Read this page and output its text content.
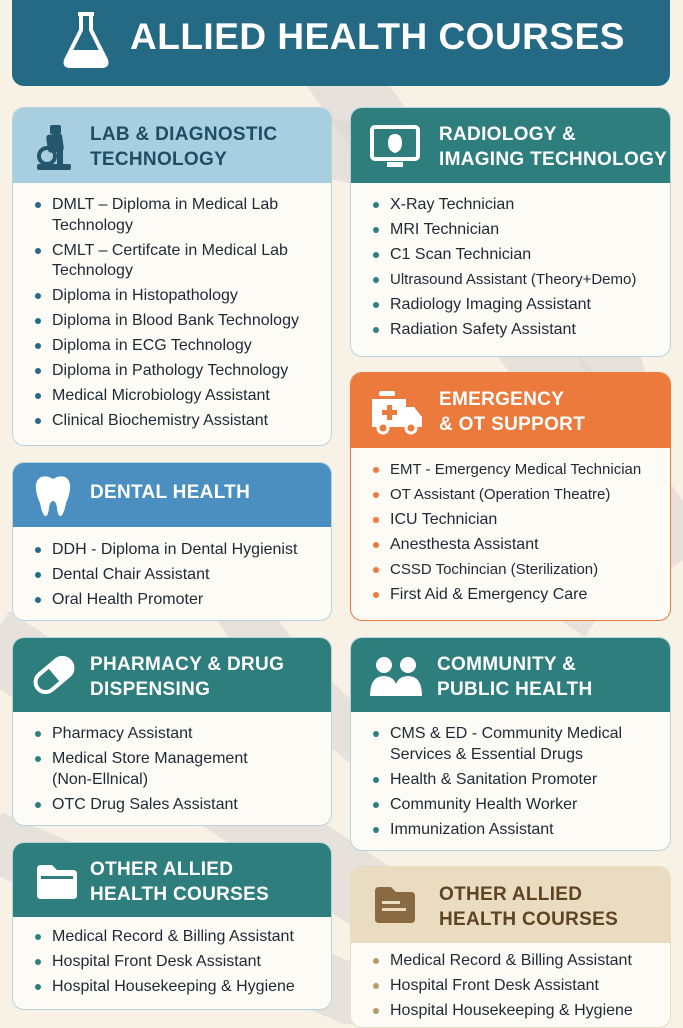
ALLIED HEALTH COURSES
LAB & DIAGNOSTIC
TECHNOLOGY
DMLT – Diploma in Medical Lab Technology
CMLT – Certifcate in Medical Lab Technology
Diploma in Histopathology
Diploma in Blood Bank Technology
Diploma in ECG Technology
Diploma in Pathology Technology
Medical Microbiology Assistant
Clinical Biochemistry Assistant
RADIOLOGY &
IMAGING TECHNOLOGY
X-Ray Technician
MRI Technician
C1 Scan Technician
Ultrasound Assistant (Theory+Demo)
Radiology Imaging Assistant
Radiation Safety Assistant
DENTAL HEALTH
DDH - Diploma in Dental Hygienist
Dental Chair Assistant
Oral Health Promoter
EMERGENCY
& OT SUPPORT
EMT - Emergency Medical Technician
OT Assistant (Operation Theatre)
ICU Technician
Anesthesta Assistant
CSSD Tochincian (Sterilization)
First Aid & Emergency Care
PHARMACY & DRUG
DISPENSING
Pharmacy Assistant
Medical Store Management (Non-Ellnical)
OTC Drug Sales Assistant
COMMUNITY &
PUBLIC HEALTH
CMS & ED - Community Medical Services & Essential Drugs
Health & Sanitation Promoter
Community Health Worker
Immunization Assistant
OTHER ALLIED
HEALTH COURSES
Medical Record & Billing Assistant
Hospital Front Desk Assistant
Hospital Housekeeping & Hygiene
OTHER ALLIED
HEALTH COURSES
Medical Record & Billing Assistant
Hospital Front Desk Assistant
Hospital Housekeeping & Hygiene
